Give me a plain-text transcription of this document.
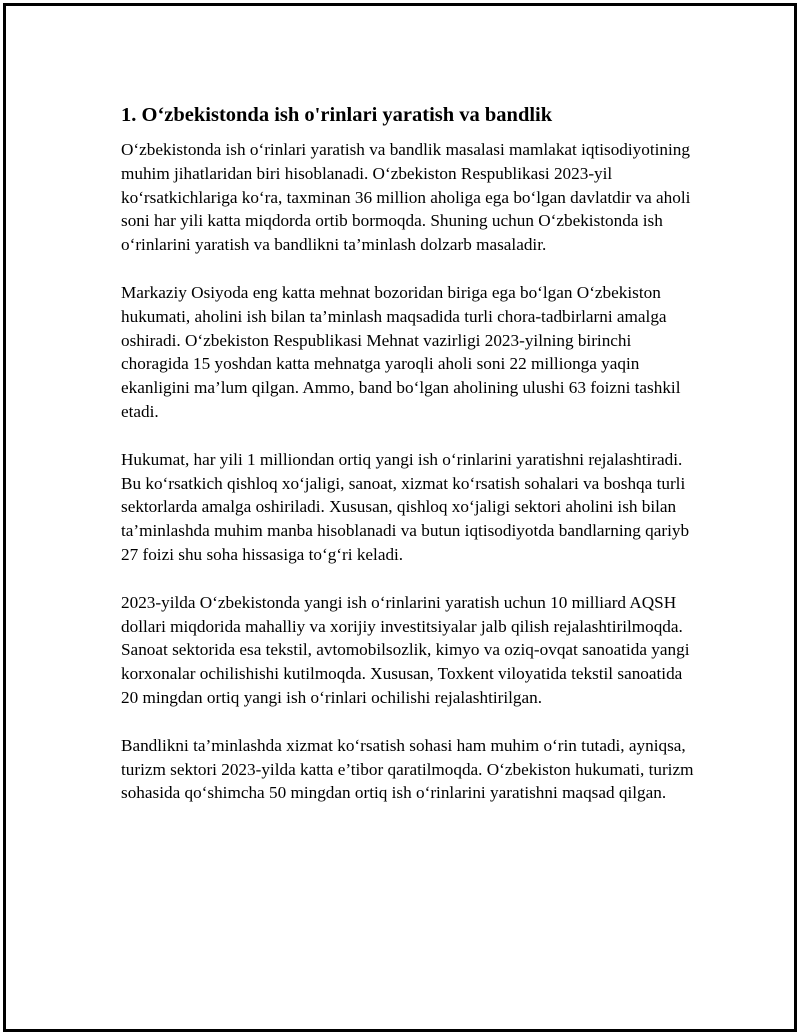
1. O‘zbekistonda ish o'rinlari yaratish va bandlik

O‘zbekistonda ish o‘rinlari yaratish va bandlik masalasi mamlakat iqtisodiyotining muhim jihatlaridan biri hisoblanadi. O‘zbekiston Respublikasi 2023-yil ko‘rsatkichlariga ko‘ra, taxminan 36 million aholiga ega bo‘lgan davlatdir va aholi soni har yili katta miqdorda ortib bormoqda. Shuning uchun O‘zbekistonda ish o‘rinlarini yaratish va bandlikni ta’minlash dolzarb masaladir.

Markaziy Osiyoda eng katta mehnat bozoridan biriga ega bo‘lgan O‘zbekiston hukumati, aholini ish bilan ta’minlash maqsadida turli chora-tadbirlarni amalga oshiradi. O‘zbekiston Respublikasi Mehnat vazirligi 2023-yilning birinchi choragida 15 yoshdan katta mehnatga yaroqli aholi soni 22 millionga yaqin ekanligini ma’lum qilgan. Ammo, band bo‘lgan aholining ulushi 63 foizni tashkil etadi.

Hukumat, har yili 1 milliondan ortiq yangi ish o‘rinlarini yaratishni rejalashtiradi. Bu ko‘rsatkich qishloq xo‘jaligi, sanoat, xizmat ko‘rsatish sohalari va boshqa turli sektorlarda amalga oshiriladi. Xususan, qishloq xo‘jaligi sektori aholini ish bilan ta’minlashda muhim manba hisoblanadi va butun iqtisodiyotda bandlarning qariyb 27 foizi shu soha hissasiga to‘g‘ri keladi.

2023-yilda O‘zbekistonda yangi ish o‘rinlarini yaratish uchun 10 milliard AQSH dollari miqdorida mahalliy va xorijiy investitsiyalar jalb qilish rejalashtirilmoqda. Sanoat sektorida esa tekstil, avtomobilsozlik, kimyo va oziq-ovqat sanoatida yangi korxonalar ochilishishi kutilmoqda. Xususan, Toxkent viloyatida tekstil sanoatida 20 mingdan ortiq yangi ish o‘rinlari ochilishi rejalashtirilgan.

Bandlikni ta’minlashda xizmat ko‘rsatish sohasi ham muhim o‘rin tutadi, ayniqsa, turizm sektori 2023-yilda katta e’tibor qaratilmoqda. O‘zbekiston hukumati, turizm sohasida qo‘shimcha 50 mingdan ortiq ish o‘rinlarini yaratishni maqsad qilgan.
